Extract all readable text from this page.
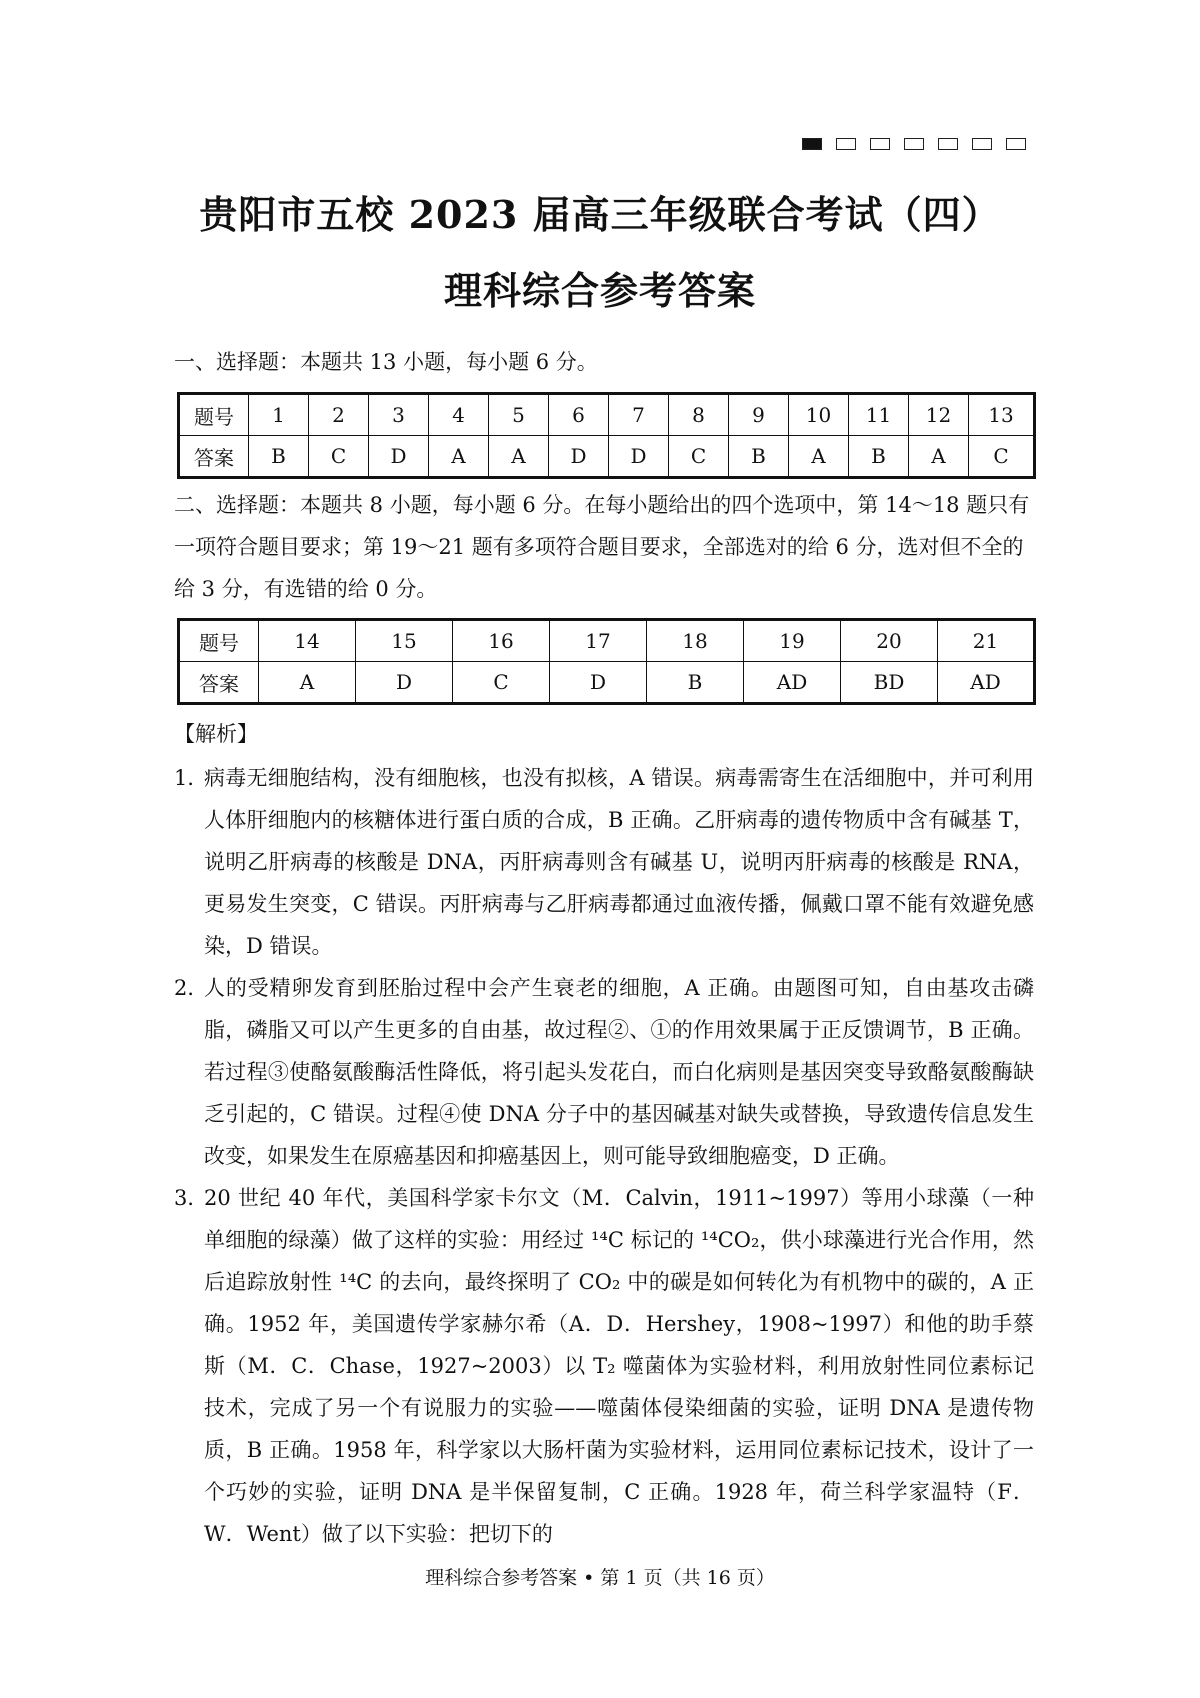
贵阳市五校 2023 届高三年级联合考试（四）
理科综合参考答案
一、选择题：本题共 13 小题，每小题 6 分。
题号	1	2	3	4	5	6	7	8	9	10	11	12	13
答案	B	C	D	A	A	D	D	C	B	A	B	A	C
二、选择题：本题共 8 小题，每小题 6 分。在每小题给出的四个选项中，第 14～18 题只有一项符合题目要求；第 19～21 题有多项符合题目要求，全部选对的给 6 分，选对但不全的给 3 分，有选错的给 0 分。
题号	14	15	16	17	18	19	20	21
答案	A	D	C	D	B	AD	BD	AD
【解析】
1．
病毒无细胞结构，没有细胞核，也没有拟核，A 错误。病毒需寄生在活细胞中，并可利用人体肝细胞内的核糖体进行蛋白质的合成，B 正确。乙肝病毒的遗传物质中含有碱基 T，说明乙肝病毒的核酸是 DNA，丙肝病毒则含有碱基 U，说明丙肝病毒的核酸是 RNA，更易发生突变，C 错误。丙肝病毒与乙肝病毒都通过血液传播，佩戴口罩不能有效避免感染，D 错误。
2．
人的受精卵发育到胚胎过程中会产生衰老的细胞，A 正确。由题图可知，自由基攻击磷脂，磷脂又可以产生更多的自由基，故过程②、①的作用效果属于正反馈调节，B 正确。若过程③使酪氨酸酶活性降低，将引起头发花白，而白化病则是基因突变导致酪氨酸酶缺乏引起的，C 错误。过程④使 DNA 分子中的基因碱基对缺失或替换，导致遗传信息发生改变，如果发生在原癌基因和抑癌基因上，则可能导致细胞癌变，D 正确。
3．
20 世纪 40 年代，美国科学家卡尔文（M．Calvin，1911~1997）等用小球藻（一种单细胞的绿藻）做了这样的实验：用经过 ¹⁴C 标记的 ¹⁴CO₂，供小球藻进行光合作用，然后追踪放射性 ¹⁴C 的去向，最终探明了 CO₂ 中的碳是如何转化为有机物中的碳的，A 正确。1952 年，美国遗传学家赫尔希（A．D．Hershey，1908~1997）和他的助手蔡斯（M．C．Chase，1927~2003）以 T₂ 噬菌体为实验材料，利用放射性同位素标记技术，完成了另一个有说服力的实验——噬菌体侵染细菌的实验，证明 DNA 是遗传物质，B 正确。1958 年，科学家以大肠杆菌为实验材料，运用同位素标记技术，设计了一个巧妙的实验，证明 DNA 是半保留复制，C 正确。1928 年，荷兰科学家温特（F．W．Went）做了以下实验：把切下的
理科综合参考答案 • 第 1 页（共 16 页）
